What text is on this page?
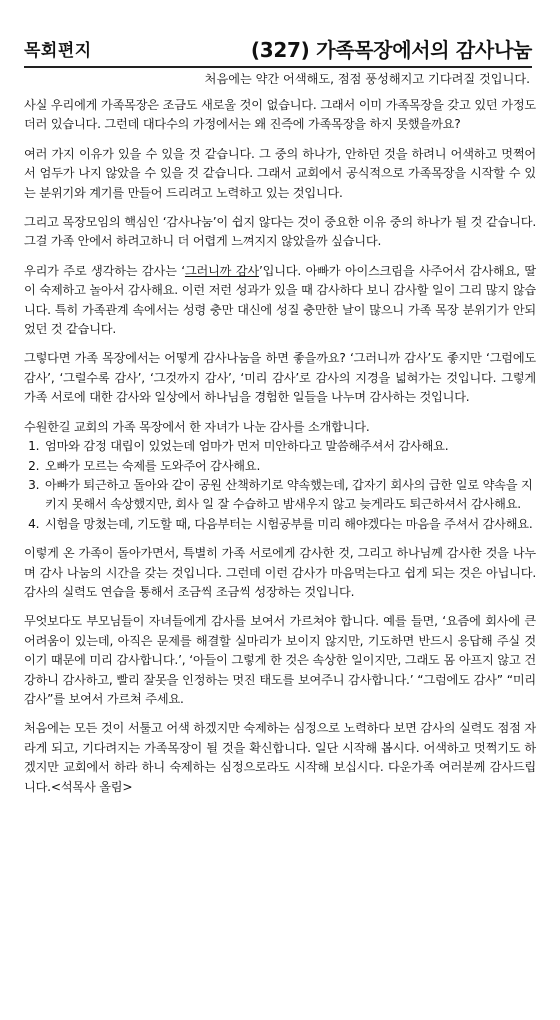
목회편지	(327) 가족목장에서의 감사나눔
처음에는 약간 어색해도, 점점 풍성해지고 기다려질 것입니다.

사실 우리에게 가족목장은 조금도 새로울 것이 없습니다. 그래서 이미 가족목장을 갖고 있던 가정도 더러 있습니다. 그런데 대다수의 가정에서는 왜 진즉에 가족목장을 하지 못했을까요?

여러 가지 이유가 있을 수 있을 것 같습니다. 그 중의 하나가, 안하던 것을 하려니 어색하고 멋쩍어서 엄두가 나지 않았을 수 있을 것 같습니다. 그래서 교회에서 공식적으로 가족목장을 시작할 수 있는 분위기와 계기를 만들어 드리려고 노력하고 있는 것입니다.

그리고 목장모임의 핵심인 ‘감사나눔’이 쉽지 않다는 것이 중요한 이유 중의 하나가 될 것 같습니다. 그걸 가족 안에서 하려고하니 더 어렵게 느껴지지 않았을까 싶습니다.

우리가 주로 생각하는 감사는 ‘그러니까 감사’입니다. 아빠가 아이스크림을 사주어서 감사해요, 딸이 숙제하고 놀아서 감사해요. 이런 저런 성과가 있을 때 감사하다 보니 감사할 일이 그리 많지 않습니다. 특히 가족관계 속에서는 성령 충만 대신에 성질 충만한 날이 많으니 가족 목장 분위기가 안되었던 것 같습니다.

그렇다면 가족 목장에서는 어떻게 감사나눔을 하면 좋을까요? ‘그러니까 감사’도 좋지만 ‘그럼에도 감사’, ‘그럴수록 감사’, ‘그것까지 감사’, ‘미리 감사’로 감사의 지경을 넓혀가는 것입니다. 그렇게 가족 서로에 대한 감사와 일상에서 하나님을 경험한 일들을 나누며 감사하는 것입니다.

수원한길 교회의 가족 목장에서 한 자녀가 나눈 감사를 소개합니다.

1. 엄마와 감정 대립이 있었는데 엄마가 먼저 미안하다고 말씀해주셔서 감사해요.
2. 오빠가 모르는 숙제를 도와주어 감사해요.
3. 아빠가 퇴근하고 돌아와 같이 공원 산책하기로 약속했는데, 갑자기 회사의 급한 일로 약속을 지키지 못해서 속상했지만, 회사 일 잘 수습하고 밤새우지 않고 늦게라도 퇴근하셔서 감사해요.
4. 시험을 망쳤는데, 기도할 때, 다음부터는 시험공부를 미리 해야겠다는 마음을 주셔서 감사해요.

이렇게 온 가족이 돌아가면서, 특별히 가족 서로에게 감사한 것, 그리고 하나님께 감사한 것을 나누며 감사 나눔의 시간을 갖는 것입니다. 그런데 이런 감사가 마음먹는다고 쉽게 되는 것은 아닙니다. 감사의 실력도 연습을 통해서 조금씩 조금씩 성장하는 것입니다.

무엇보다도 부모님들이 자녀들에게 감사를 보여서 가르쳐야 합니다. 예를 들면, ‘요즘에 회사에 큰 어려움이 있는데, 아직은 문제를 해결할 실마리가 보이지 않지만, 기도하면 반드시 응답해 주실 것이기 때문에 미리 감사합니다.’, ‘아들이 그렇게 한 것은 속상한 일이지만, 그래도 몸 아프지 않고 건강하니 감사하고, 빨리 잘못을 인정하는 멋진 태도를 보여주니 감사합니다.’ “그럼에도 감사” “미리 감사”를 보여서 가르쳐 주세요.

처음에는 모든 것이 서툴고 어색 하겠지만 숙제하는 심정으로 노력하다 보면 감사의 실력도 점점 자라게 되고, 기다려지는 가족목장이 될 것을 확신합니다. 일단 시작해 봅시다. 어색하고 멋쩍기도 하겠지만 교회에서 하라 하니 숙제하는 심정으로라도 시작해 보십시다. 다운가족 여러분께 감사드립니다.<석목사 올림>
